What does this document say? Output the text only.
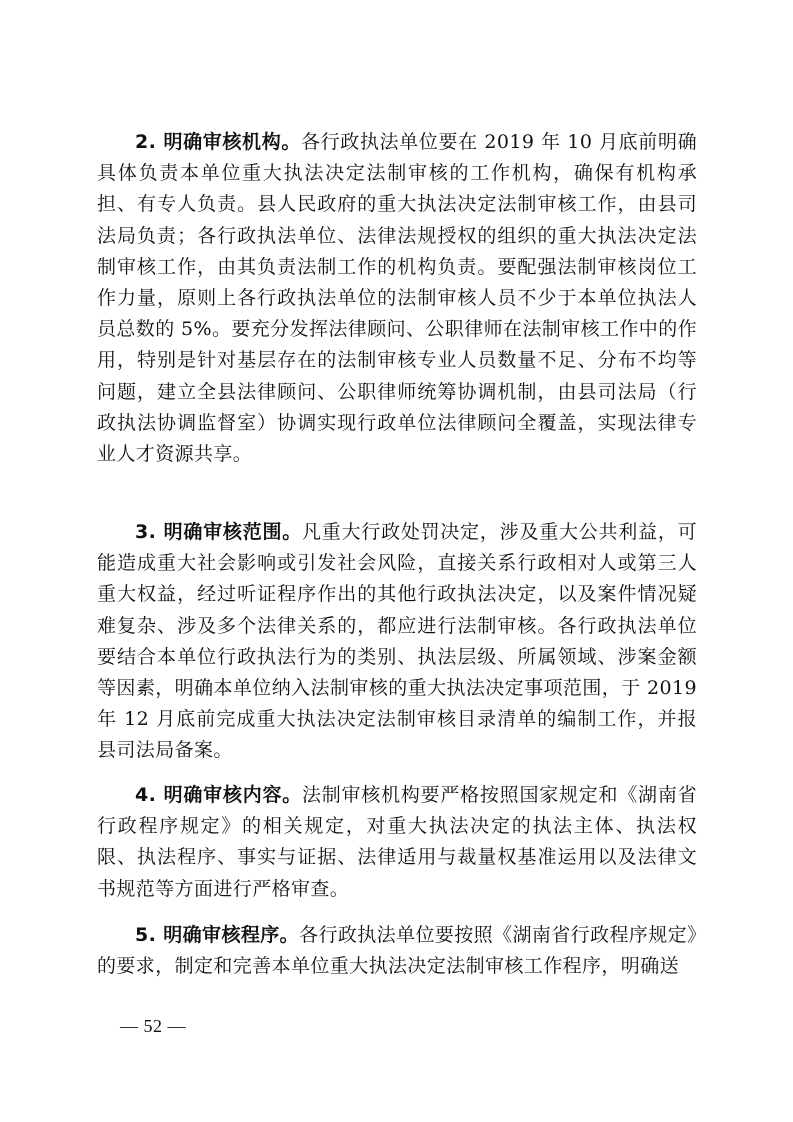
2. 明确审核机构。各行政执法单位要在 2019 年 10 月底前明确具体负责本单位重大执法决定法制审核的工作机构，确保有机构承担、有专人负责。县人民政府的重大执法决定法制审核工作，由县司法局负责；各行政执法单位、法律法规授权的组织的重大执法决定法制审核工作，由其负责法制工作的机构负责。要配强法制审核岗位工作力量，原则上各行政执法单位的法制审核人员不少于本单位执法人员总数的 5%。要充分发挥法律顾问、公职律师在法制审核工作中的作用，特别是针对基层存在的法制审核专业人员数量不足、分布不均等问题，建立全县法律顾问、公职律师统筹协调机制，由县司法局（行政执法协调监督室）协调实现行政单位法律顾问全覆盖，实现法律专业人才资源共享。

3. 明确审核范围。凡重大行政处罚决定，涉及重大公共利益，可能造成重大社会影响或引发社会风险，直接关系行政相对人或第三人重大权益，经过听证程序作出的其他行政执法决定，以及案件情况疑难复杂、涉及多个法律关系的，都应进行法制审核。各行政执法单位要结合本单位行政执法行为的类别、执法层级、所属领域、涉案金额等因素，明确本单位纳入法制审核的重大执法决定事项范围，于 2019 年 12 月底前完成重大执法决定法制审核目录清单的编制工作，并报县司法局备案。

4. 明确审核内容。法制审核机构要严格按照国家规定和《湖南省行政程序规定》的相关规定，对重大执法决定的执法主体、执法权限、执法程序、事实与证据、法律适用与裁量权基准运用以及法律文书规范等方面进行严格审查。

5. 明确审核程序。各行政执法单位要按照《湖南省行政程序规定》的要求，制定和完善本单位重大执法决定法制审核工作程序，明确送

— 52 —
